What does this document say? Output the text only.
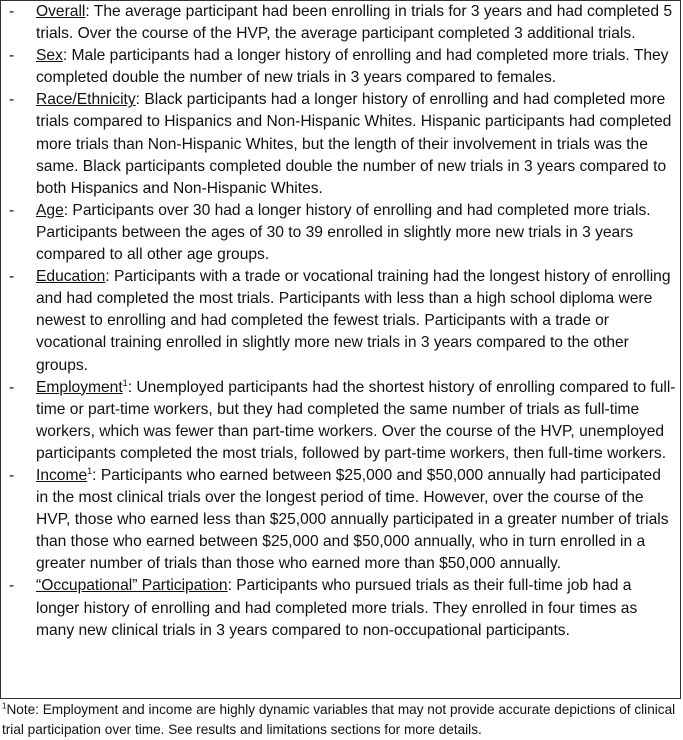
- Overall: The average participant had been enrolling in trials for 3 years and had completed 5 trials. Over the course of the HVP, the average participant completed 3 additional trials.
- Sex: Male participants had a longer history of enrolling and had completed more trials. They completed double the number of new trials in 3 years compared to females.
- Race/Ethnicity: Black participants had a longer history of enrolling and had completed more trials compared to Hispanics and Non-Hispanic Whites. Hispanic participants had completed more trials than Non-Hispanic Whites, but the length of their involvement in trials was the same. Black participants completed double the number of new trials in 3 years compared to both Hispanics and Non-Hispanic Whites.
- Age: Participants over 30 had a longer history of enrolling and had completed more trials. Participants between the ages of 30 to 39 enrolled in slightly more new trials in 3 years compared to all other age groups.
- Education: Participants with a trade or vocational training had the longest history of enrolling and had completed the most trials. Participants with less than a high school diploma were newest to enrolling and had completed the fewest trials. Participants with a trade or vocational training enrolled in slightly more new trials in 3 years compared to the other groups.
- Employment$^1$: Unemployed participants had the shortest history of enrolling compared to full-time or part-time workers, but they had completed the same number of trials as full-time workers, which was fewer than part-time workers. Over the course of the HVP, unemployed participants completed the most trials, followed by part-time workers, then full-time workers.
- Income$^1$: Participants who earned between $25,000 and $50,000 annually had participated in the most clinical trials over the longest period of time. However, over the course of the HVP, those who earned less than $25,000 annually participated in a greater number of trials than those who earned between $25,000 and $50,000 annually, who in turn enrolled in a greater number of trials than those who earned more than $50,000 annually.
- “Occupational” Participation: Participants who pursued trials as their full-time job had a longer history of enrolling and had completed more trials. They enrolled in four times as many new clinical trials in 3 years compared to non-occupational participants.
$^1$Note: Employment and income are highly dynamic variables that may not provide accurate depictions of clinical trial participation over time. See results and limitations sections for more details.
